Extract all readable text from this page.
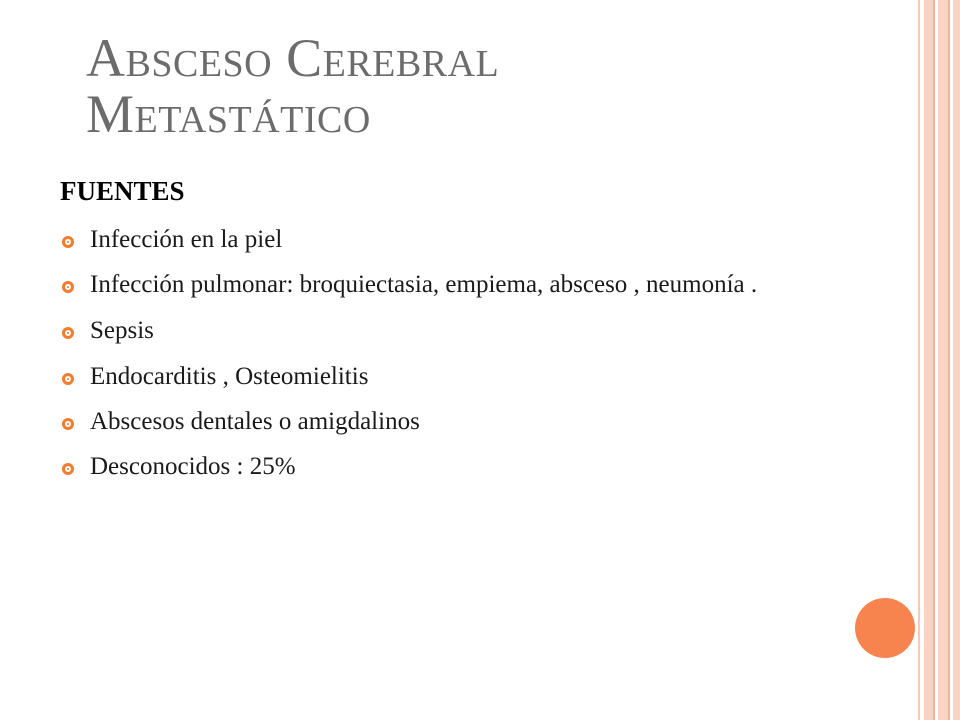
Absceso Cerebral
Metastático

FUENTES

Infección en la piel
Infección pulmonar: broquiectasia, empiema, absceso , neumonía .
Sepsis
Endocarditis , Osteomielitis
Abscesos dentales o amigdalinos
Desconocidos : 25%
